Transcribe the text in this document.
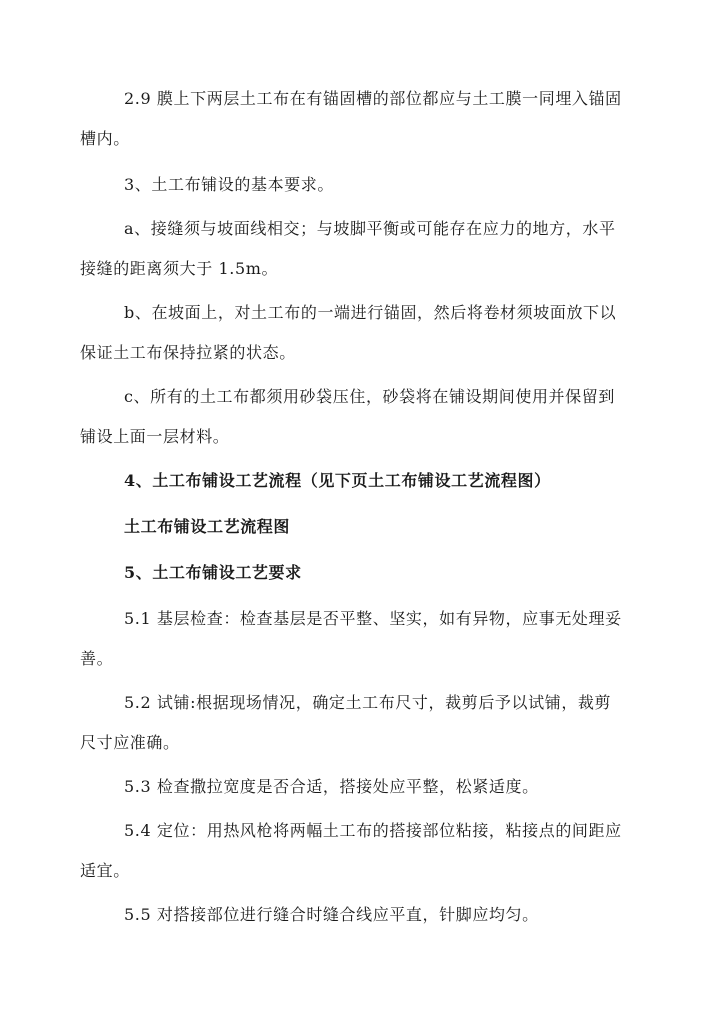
2.9 膜上下两层土工布在有锚固槽的部位都应与土工膜一同埋入锚固
槽内。
3、土工布铺设的基本要求。
a、接缝须与坡面线相交；与坡脚平衡或可能存在应力的地方，水平
接缝的距离须大于 1.5m。
b、在坡面上，对土工布的一端进行锚固，然后将卷材须坡面放下以
保证土工布保持拉紧的状态。
c、所有的土工布都须用砂袋压住，砂袋将在铺设期间使用并保留到
铺设上面一层材料。
4、土工布铺设工艺流程（见下页土工布铺设工艺流程图）
土工布铺设工艺流程图
5、土工布铺设工艺要求
5.1 基层检查：检查基层是否平整、坚实，如有异物，应事无处理妥
善。
5.2 试铺:根据现场情况，确定土工布尺寸，裁剪后予以试铺，裁剪
尺寸应准确。
5.3 检查撒拉宽度是否合适，搭接处应平整，松紧适度。
5.4 定位：用热风枪将两幅土工布的搭接部位粘接，粘接点的间距应
适宜。
5.5 对搭接部位进行缝合时缝合线应平直，针脚应均匀。
